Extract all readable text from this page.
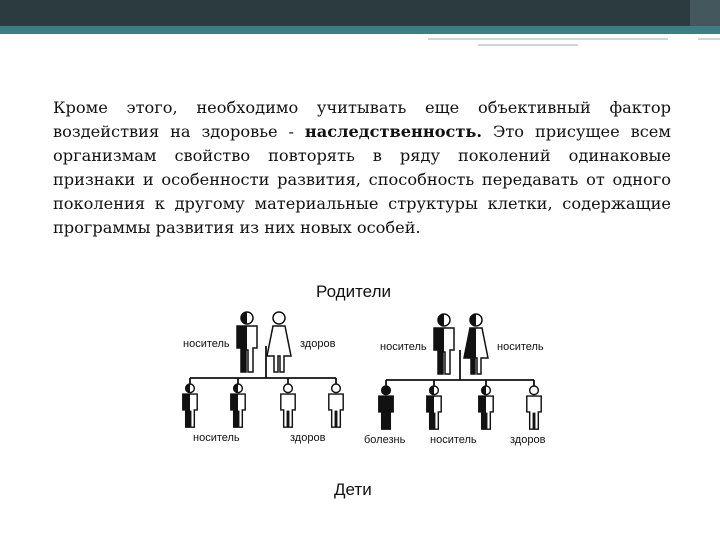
Кроме этого, необходимо учитывать еще объективный фактор воздействия на здоровье - наследственность. Это присущее всем организмам свойство повторять в ряду поколений одинаковые признаки и особенности развития, способность передавать от одного поколения к другому материальные структуры клетки, содержащие программы развития из них новых особей.
Родители
Дети
носитель	здоров
носитель	здоров
носитель	носитель
болезнь носитель	здоров
